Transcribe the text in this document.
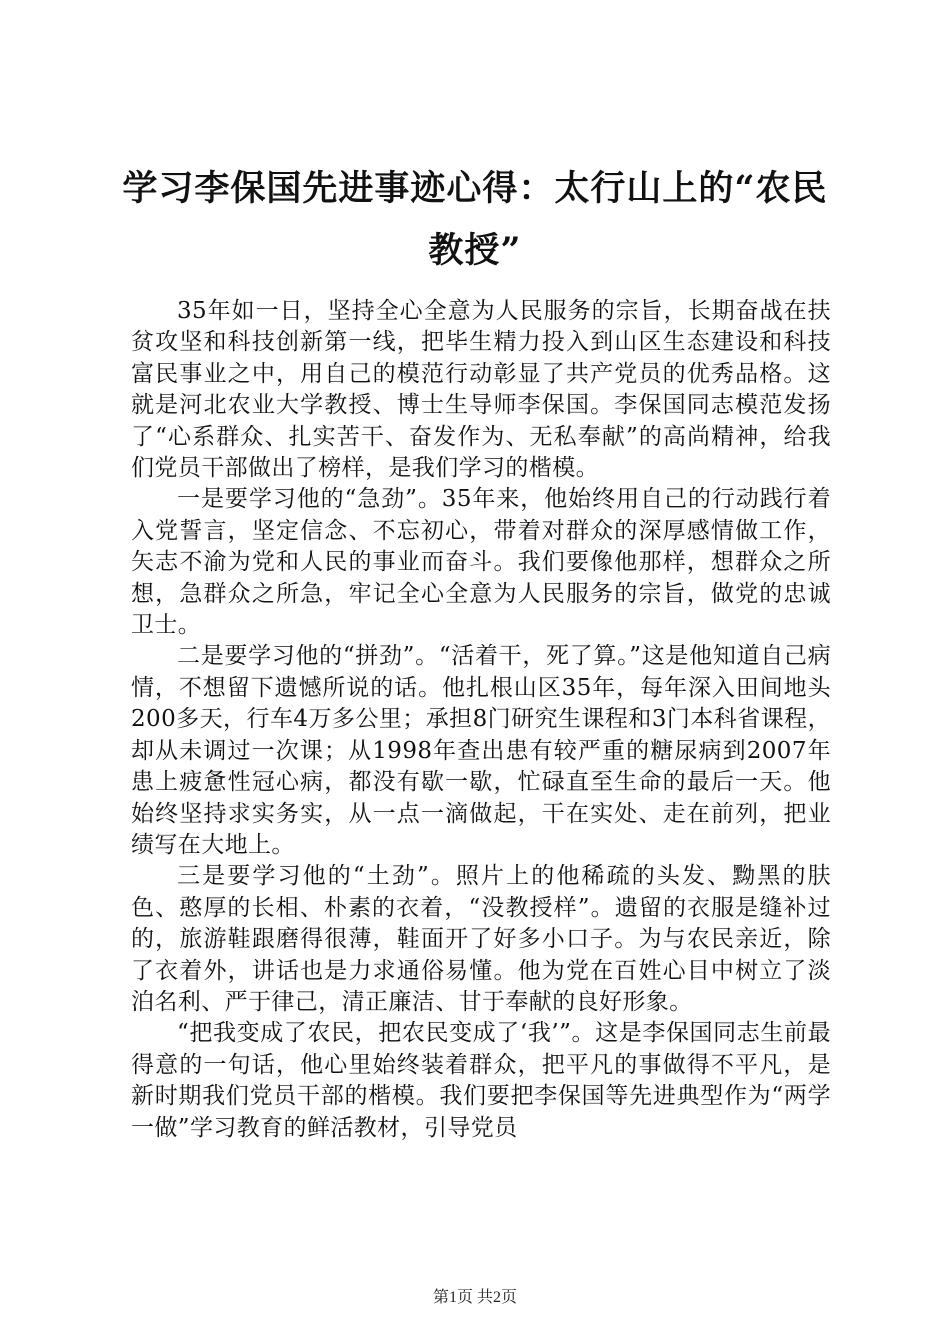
学习李保国先进事迹心得：太行山上的“农民教授”

35年如一日，坚持全心全意为人民服务的宗旨，长期奋战在扶贫攻坚和科技创新第一线，把毕生精力投入到山区生态建设和科技富民事业之中，用自己的模范行动彰显了共产党员的优秀品格。这就是河北农业大学教授、博士生导师李保国。李保国同志模范发扬了“心系群众、扎实苦干、奋发作为、无私奉献”的高尚精神，给我们党员干部做出了榜样，是我们学习的楷模。

一是要学习他的“急劲”。35年来，他始终用自己的行动践行着入党誓言，坚定信念、不忘初心，带着对群众的深厚感情做工作，矢志不渝为党和人民的事业而奋斗。我们要像他那样，想群众之所想，急群众之所急，牢记全心全意为人民服务的宗旨，做党的忠诚卫士。

二是要学习他的“拼劲”。“活着干，死了算。”这是他知道自己病情，不想留下遗憾所说的话。他扎根山区35年，每年深入田间地头200多天，行车4万多公里；承担8门研究生课程和3门本科省课程，却从未调过一次课；从1998年查出患有较严重的糖尿病到2007年患上疲惫性冠心病，都没有歇一歇，忙碌直至生命的最后一天。他始终坚持求实务实，从一点一滴做起，干在实处、走在前列，把业绩写在大地上。

三是要学习他的“土劲”。照片上的他稀疏的头发、黝黑的肤色、憨厚的长相、朴素的衣着，“没教授样”。遗留的衣服是缝补过的，旅游鞋跟磨得很薄，鞋面开了好多小口子。为与农民亲近，除了衣着外，讲话也是力求通俗易懂。他为党在百姓心目中树立了淡泊名利、严于律己，清正廉洁、甘于奉献的良好形象。

“把我变成了农民，把农民变成了‘我’”。这是李保国同志生前最得意的一句话，他心里始终装着群众，把平凡的事做得不平凡，是新时期我们党员干部的楷模。我们要把李保国等先进典型作为“两学一做”学习教育的鲜活教材，引导党员

第1页 共2页
